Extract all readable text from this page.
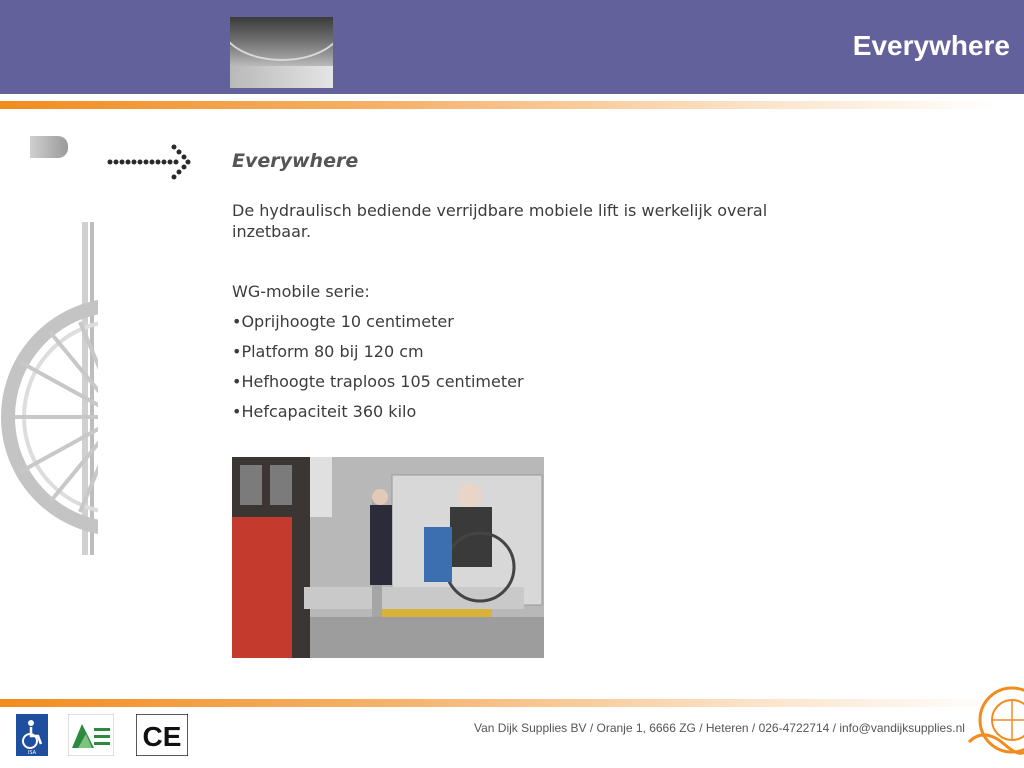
Everywhere
Everywhere

De hydraulisch bediende verrijdbare mobiele lift is werkelijk overal inzetbaar.

WG-mobile serie:

•Oprijhoogte 10 centimeter
•Platform 80 bij 120 cm
•Hefhoogte traploos 105 centimeter
•Hefcapaciteit 360 kilo
ISA
CE	Van Dijk Supplies BV / Oranje 1, 6666 ZG / Heteren / 026-4722714 / info@vandijksupplies.nl
